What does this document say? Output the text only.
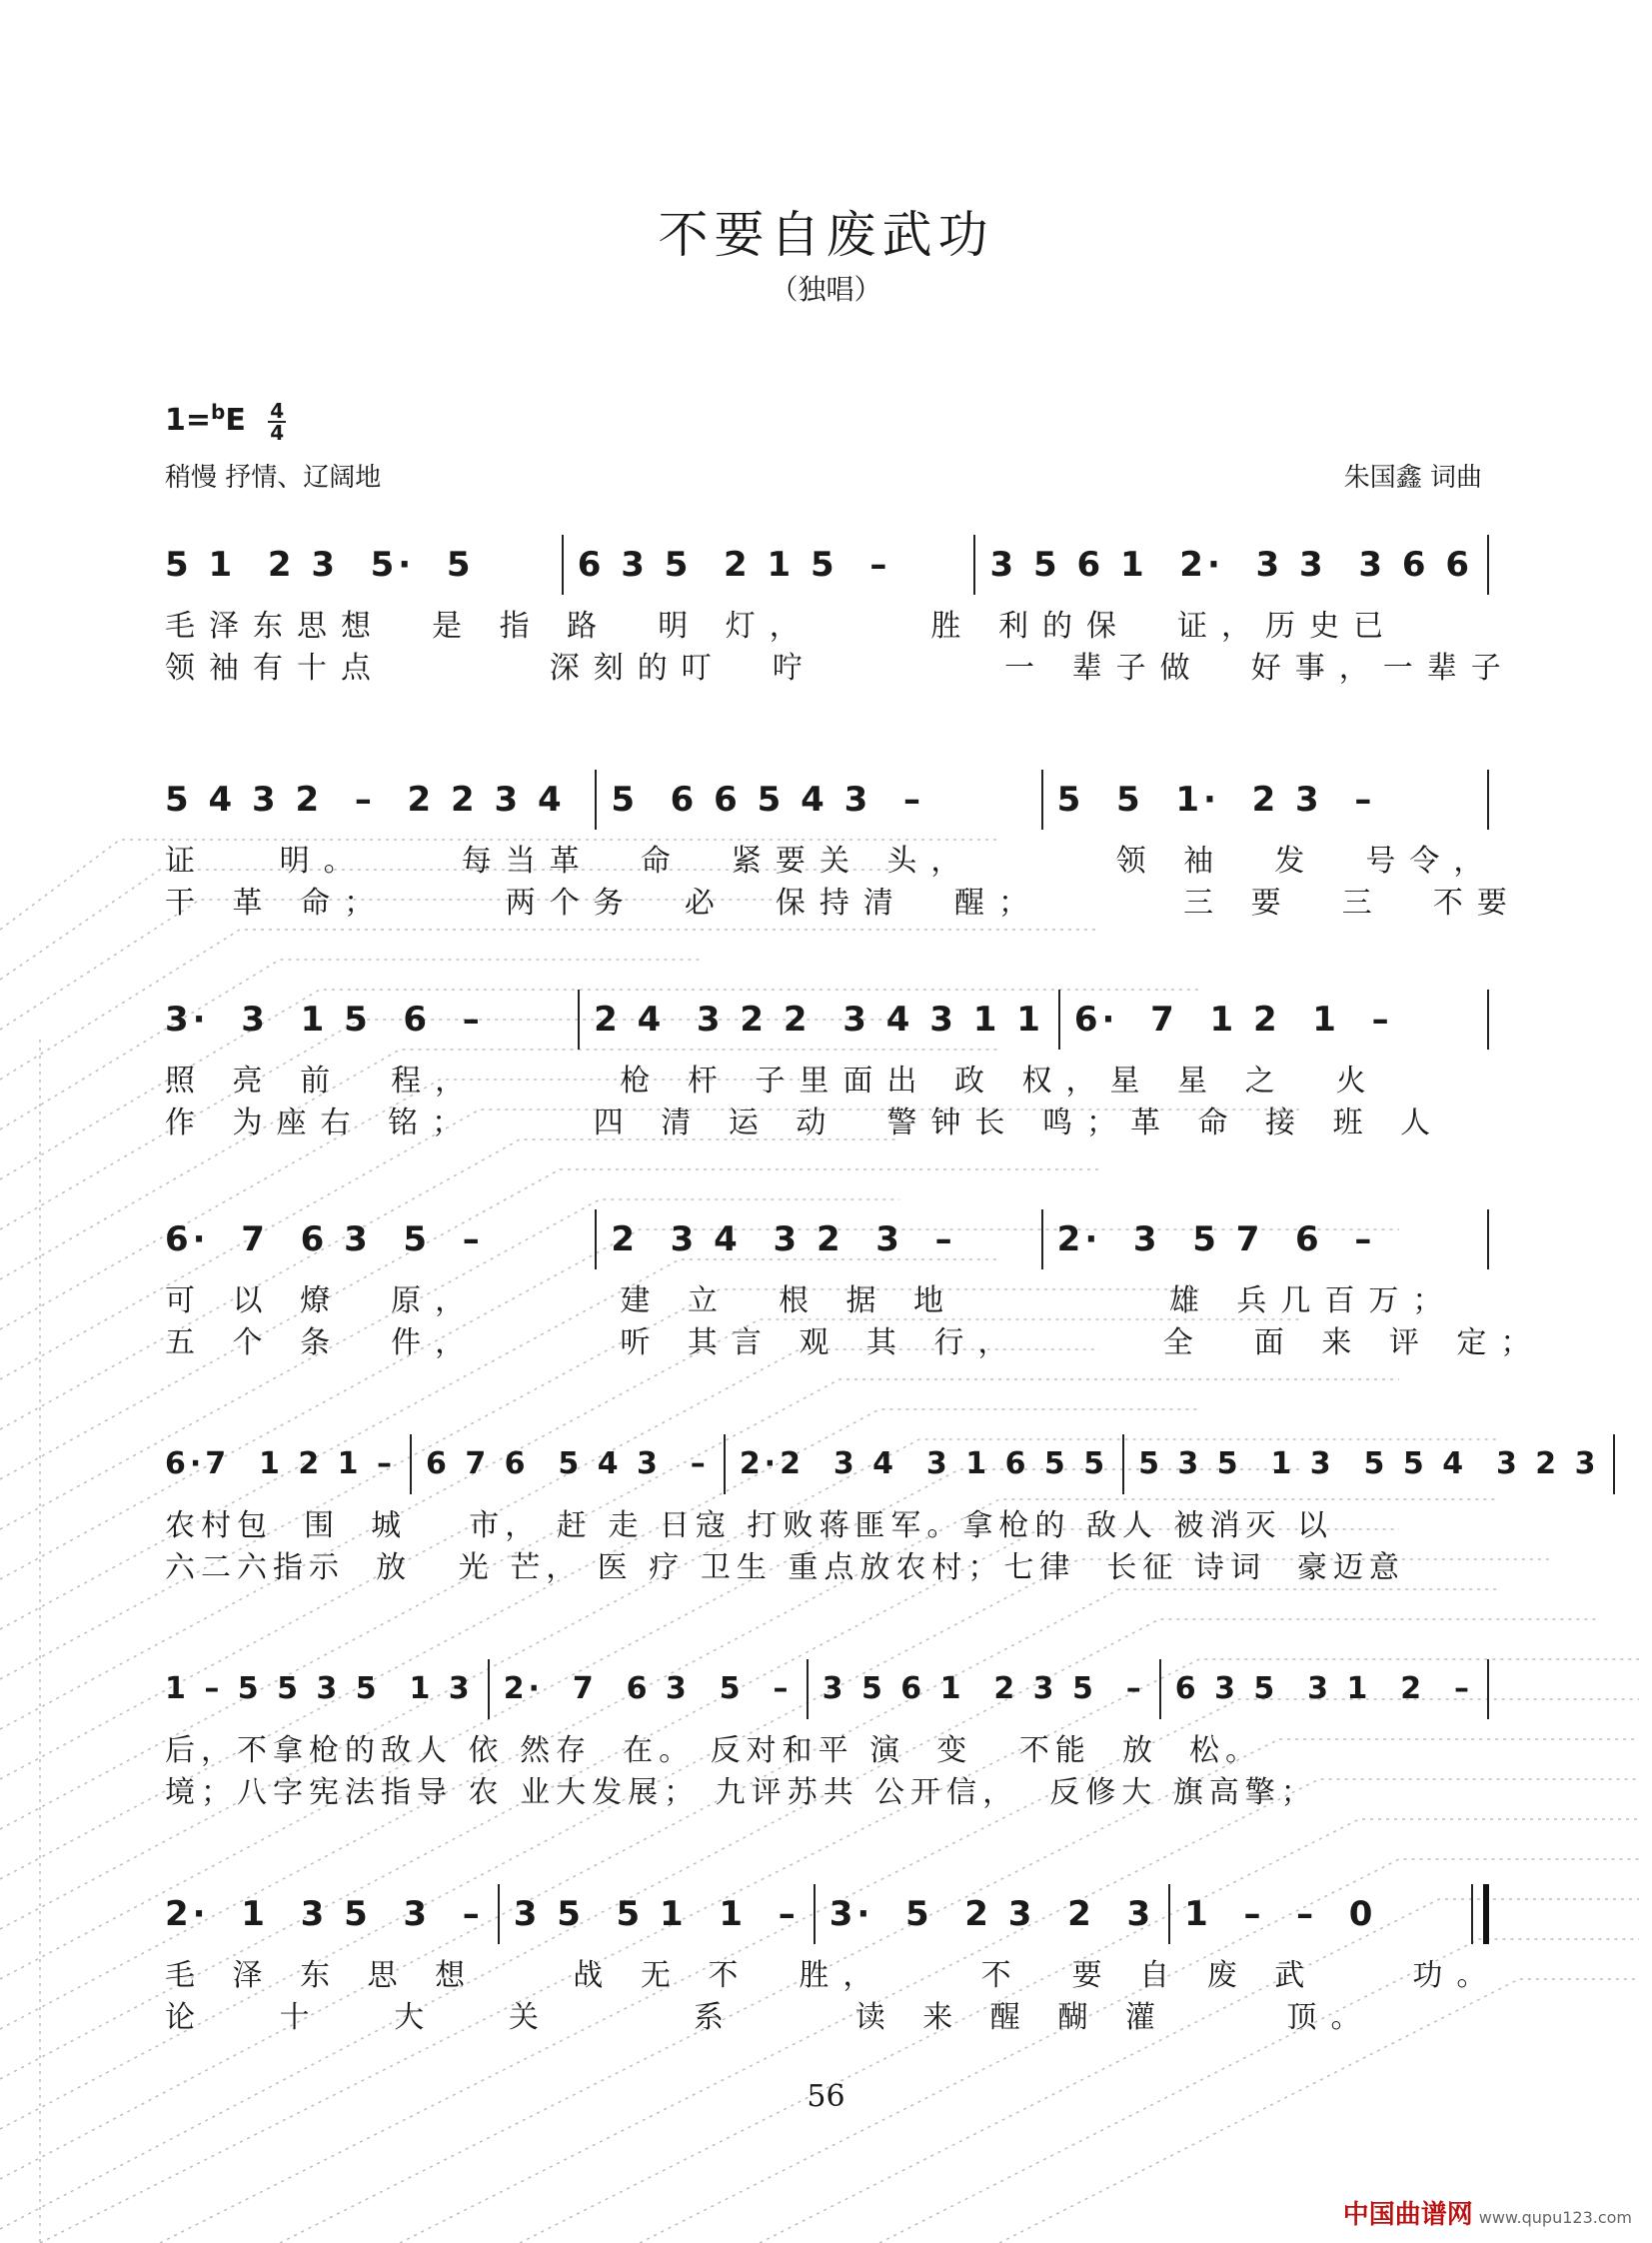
不要自废武功
（独唱）
$1=^bE \frac{4}{4}$
稍慢 抒情、辽阔地	朱国鑫 词曲
5 1  2 3  5·  5	6 3 5  2 1 5  –	3 5 6 1  2·  3 3  3 6 6
毛泽东思想  是 指 路  明 灯，     胜 利的保  证，历史已
领袖有十点       深刻的叮  咛        一 辈子做  好事，一辈子
5 4 3 2  –  2 2 3 4	5  6 6 5 4 3  –	5  5  1·  2 3  –
证   明。    每当革  命  紧要关 头，      领 袖  发  号令，
干 革 命；     两个务  必  保持清  醒；      三 要  三  不要
3·  3  1 5  6  –	2 4  3 2 2  3 4 3 1 1 6·  7  1 2  1  –
照 亮 前  程，      枪 杆 子里面出 政 权，星 星 之  火
作 为座右 铭；     四 清 运 动  警钟长 鸣；革 命 接 班 人
6·  7  6 3  5  –	2  3 4  3 2  3  –	2·  3  5 7  6  –
可 以 燎  原，      建 立  根 据 地         雄 兵几百万；
五 个 条  件，      听 其言 观 其 行，      全  面 来 评 定；
6·7  1 2 1 –	6 7 6  5 4 3  –	2·2  3 4  3 1 6 5 5	5 3 5  1 3  5 5 4  3 2 3
农村包  围  城    市， 赶 走 日寇 打败蒋匪军。拿枪的 敌人 被消灭 以
六二六指示  放   光 芒， 医 疗 卫生 重点放农村；七律  长征 诗词  豪迈意
1 – 5 5 3 5  1 3	2·  7  6 3  5  –	3 5 6 1  2 3 5  –	6 3 5  3 1  2  –
后，不拿枪的敌人 依 然存  在。 反对和平 演  变   不能  放  松。
境；八字宪法指导 农 业大发展； 九评苏共 公开信，  反修大 旗高擎；
2·  1  3 5  3  – 3 5  5 1  1  – 3·  5  2 3  2  3 1  –  –  0
毛 泽 东 思 想    战 无 不  胜，    不  要 自 废 武    功。
论   十   大   关      系     读 来 醒 醐 灌     顶。
56
中国曲谱网 www.qupu123.com
